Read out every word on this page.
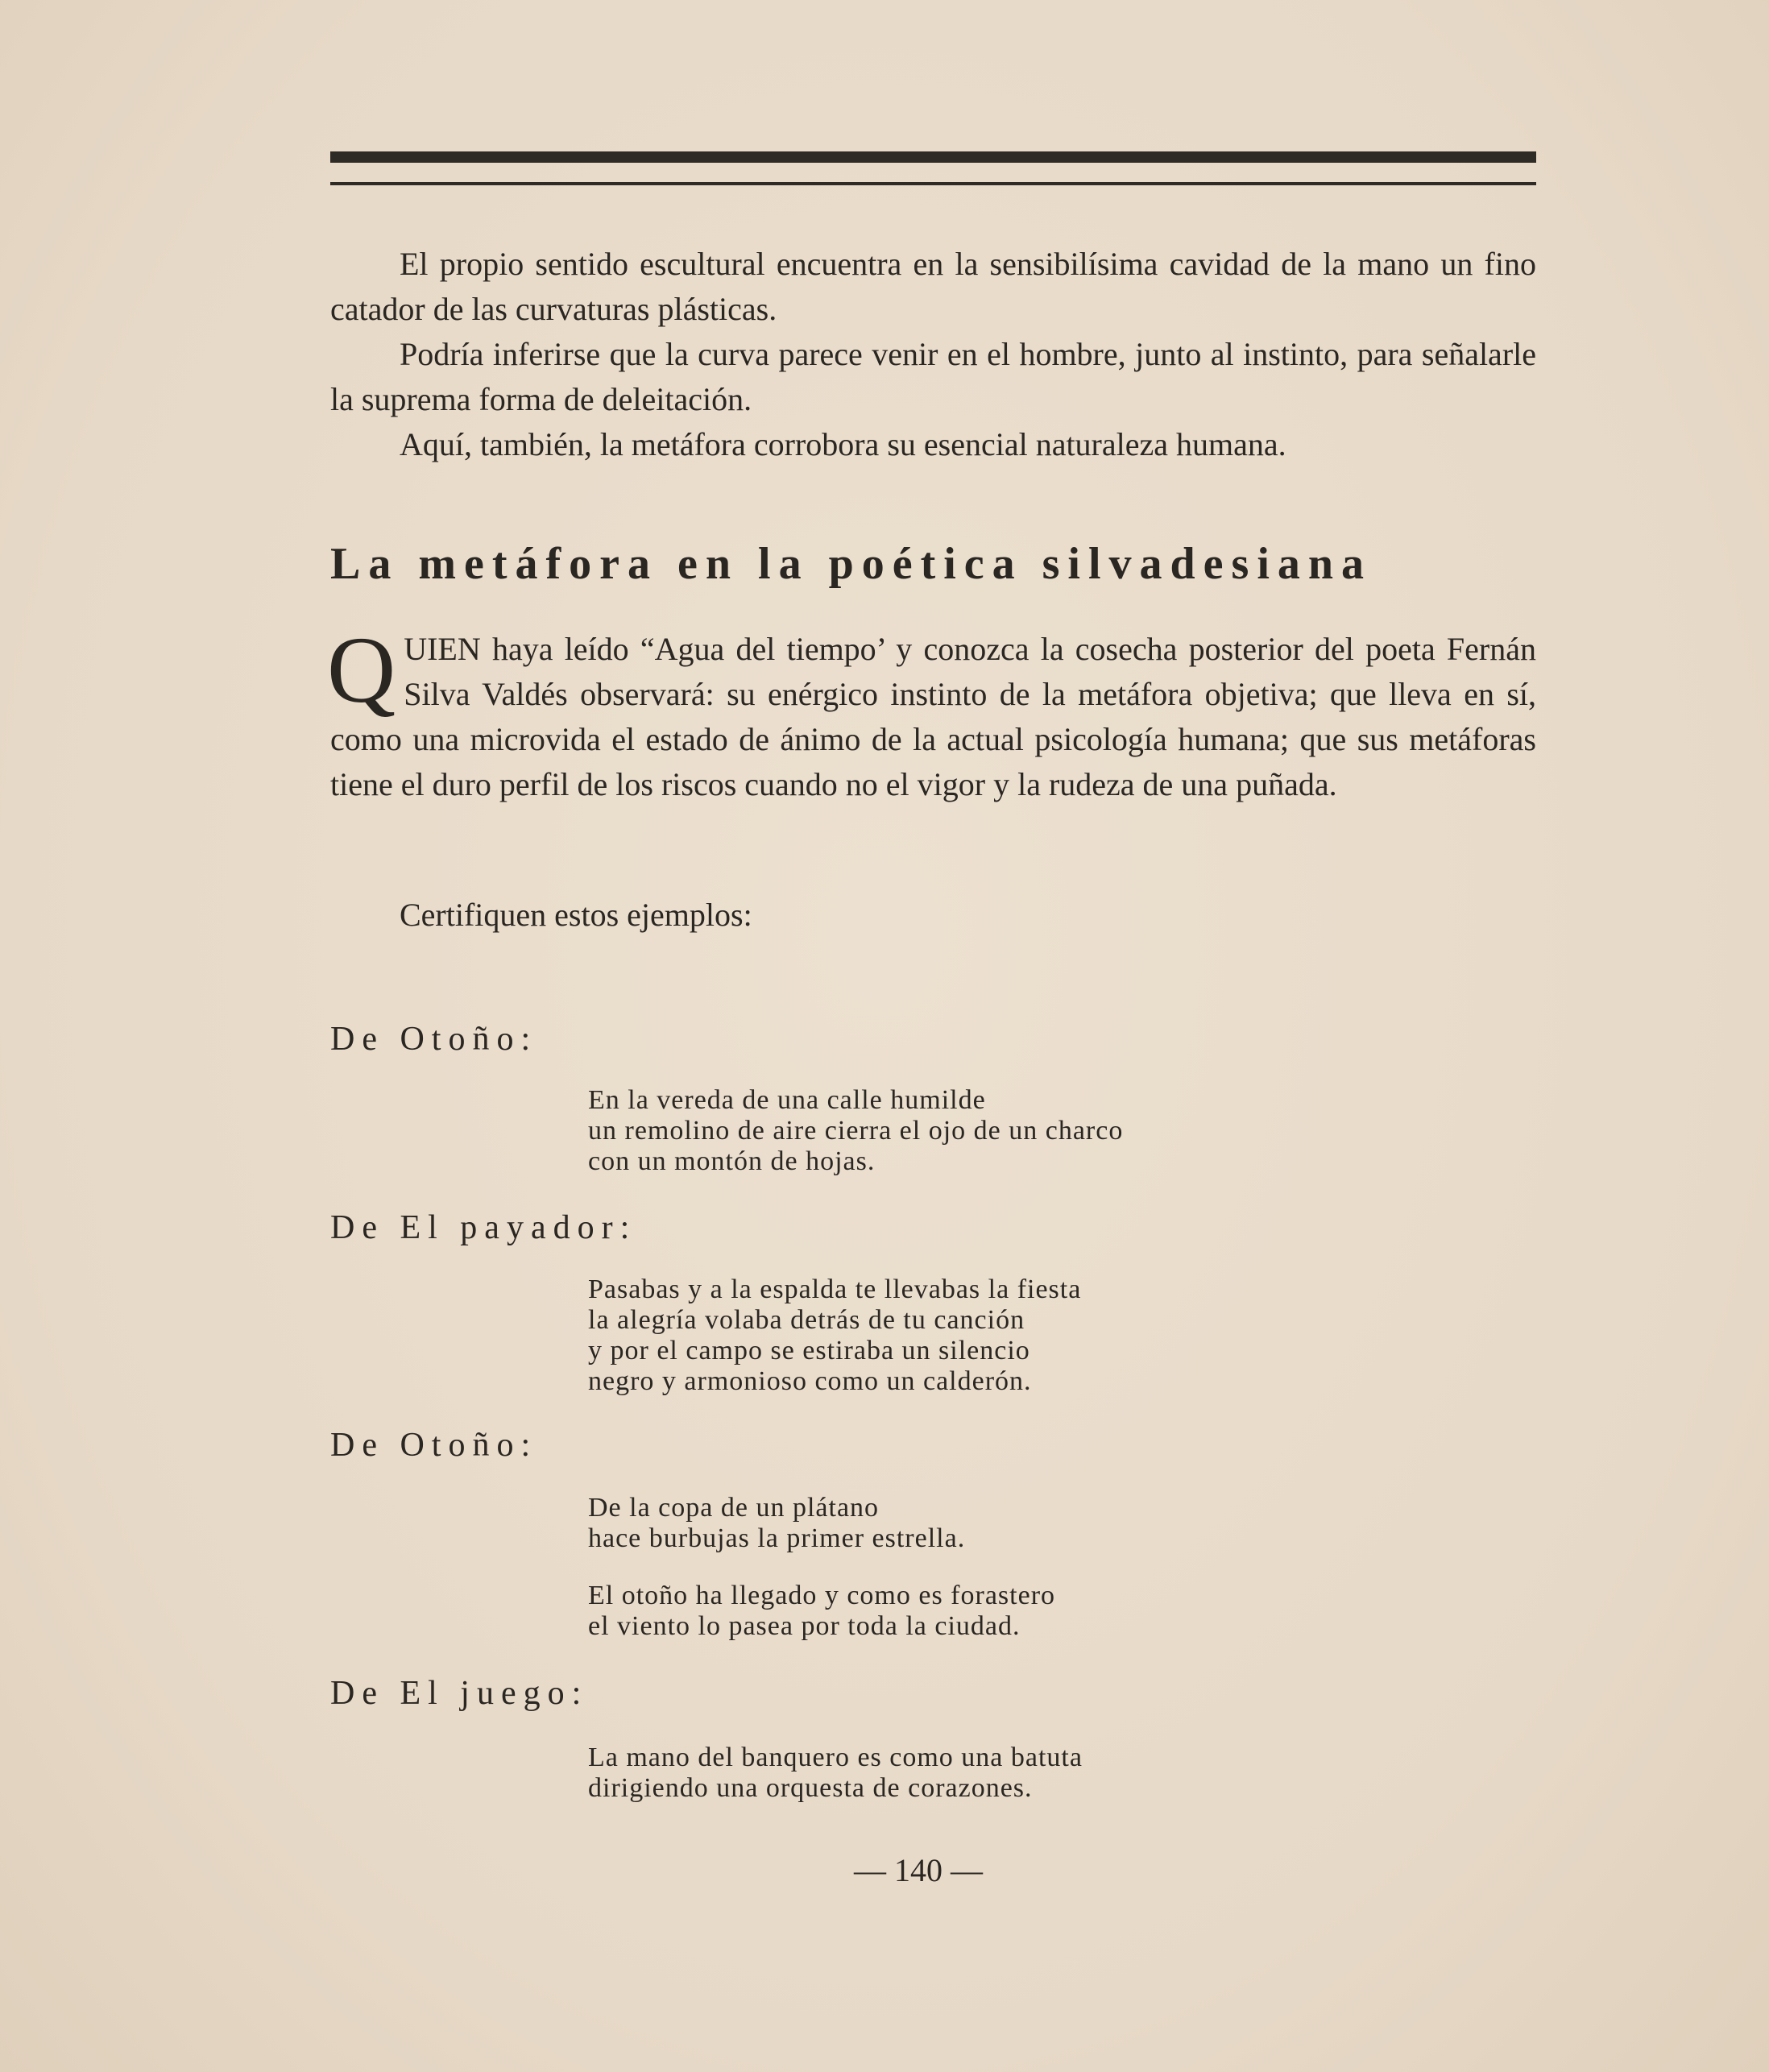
El propio sentido escultural encuentra en la sensibilísima cavidad de la mano un fino catador de las curvaturas plásticas.

Podría inferirse que la curva parece venir en el hombre, junto al instinto, para señalarle la suprema forma de deleitación.

Aquí, también, la metáfora corrobora su esencial naturaleza humana.

La metáfora en la poética silvadesiana

QUIEN haya leído “Agua del tiempo’ y conozca la cosecha posterior del poeta Fernán Silva Valdés observará: su enérgico instinto de la metáfora objetiva; que lleva en sí, como una microvida el estado de ánimo de la actual psicología humana; que sus metáforas tiene el duro perfil de los riscos cuando no el vigor y la rudeza de una puñada.

Certifiquen estos ejemplos:

De Otoño:

En la vereda de una calle humilde
un remolino de aire cierra el ojo de un charco
con un montón de hojas.

De El payador:

Pasabas y a la espalda te llevabas la fiesta
la alegría volaba detrás de tu canción
y por el campo se estiraba un silencio
negro y armonioso como un calderón.

De Otoño:

De la copa de un plátano
hace burbujas la primer estrella.
El otoño ha llegado y como es forastero
el viento lo pasea por toda la ciudad.

De El juego:

La mano del banquero es como una batuta
dirigiendo una orquesta de corazones.

— 140 —
